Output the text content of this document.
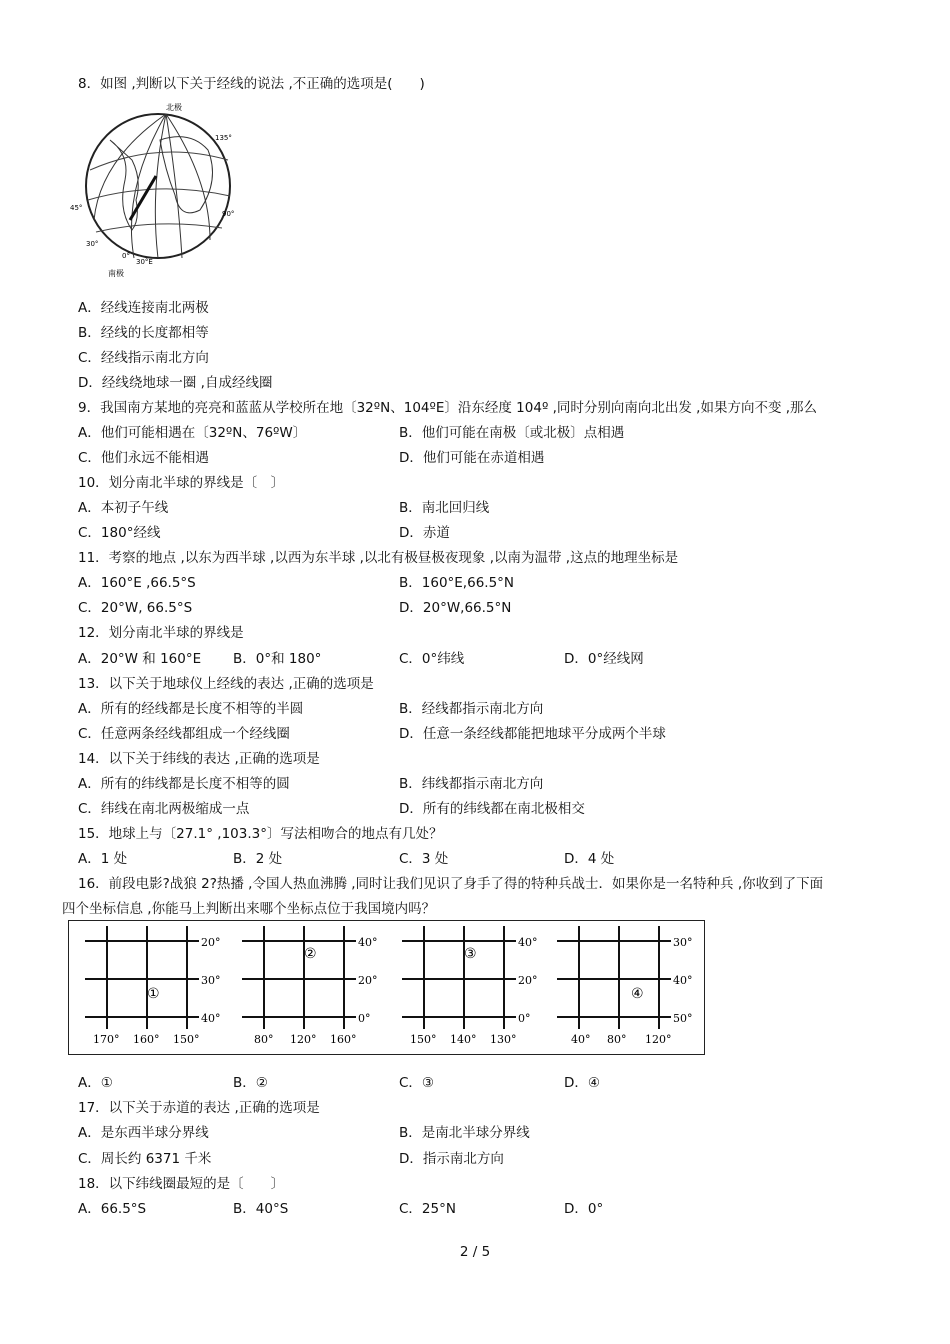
8．如图 ,判断以下关于经线的说法 ,不正确的选项是(　　)
北极
南极
135°
90°
45°
30°
0°
30°E
A．经线连接南北两极
B．经线的长度都相等
C．经线指示南北方向
D．经线绕地球一圈 ,自成经线圈
9．我国南方某地的亮亮和蓝蓝从学校所在地〔32ºN、104ºE〕沿东经度 104º ,同时分别向南向北出发 ,如果方向不变 ,那么
A．他们可能相遇在〔32ºN、76ºW〕	B．他们可能在南极〔或北极〕点相遇
C．他们永远不能相遇	D．他们可能在赤道相遇
10．划分南北半球的界线是〔　〕
A．本初子午线	B．南北回归线
C．180°经线	D．赤道
11．考察的地点 ,以东为西半球 ,以西为东半球 ,以北有极昼极夜现象 ,以南为温带 ,这点的地理坐标是
A．160°E ,66.5°S	B．160°E,66.5°N
C．20°W, 66.5°S	D．20°W,66.5°N
12．划分南北半球的界线是
A．20°W 和 160°E B．0°和 180°	C．0°纬线	D．0°经线网
13．以下关于地球仪上经线的表达 ,正确的选项是
A．所有的经线都是长度不相等的半圆	B．经线都指示南北方向
C．任意两条经线都组成一个经线圈	D．任意一条经线都能把地球平分成两个半球
14．以下关于纬线的表达 ,正确的选项是
A．所有的纬线都是长度不相等的圆	B．纬线都指示南北方向
C．纬线在南北两极缩成一点	D．所有的纬线都在南北极相交
15．地球上与〔27.1° ,103.3°〕写法相吻合的地点有几处？
A．1 处	B．2 处	C．3 处	D．4 处
16．前段电影?战狼 2?热播 ,令国人热血沸腾 ,同时让我们见识了身手了得的特种兵战士．如果你是一名特种兵 ,你收到了下面
四个坐标信息 ,你能马上判断出来哪个坐标点位于我国境内吗？
20°
30°
40°
170° 160° 150°
①
40°
20°
0°
80° 120° 160°
②
40°
20°
0°
150° 140° 130°
③
30°
40°
50°
40° 80° 120°
④
A．①	B．②	C．③	D．④
17．以下关于赤道的表达 ,正确的选项是
A．是东西半球分界线	B．是南北半球分界线
C．周长约 6371 千米	D．指示南北方向
18．以下纬线圈最短的是〔　　〕
A．66.5°S	B．40°S	C．25°N	D．0°
2 / 5
